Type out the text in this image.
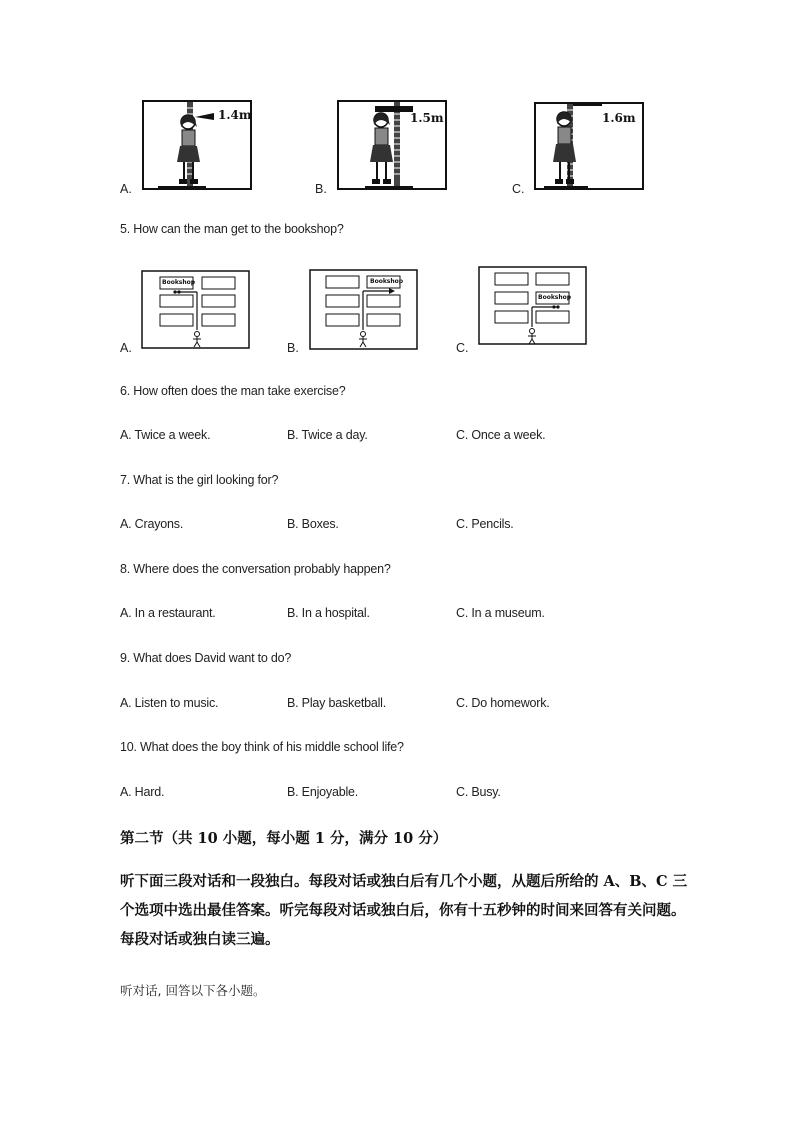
A.
1.4m
B.
1.5m
C.
1.6m
5. How can the man get to the bookshop?
A.
Bookshop
B.
Bookshop
C.
Bookshop
6. How often does the man take exercise?
A. Twice a week.	B. Twice a day.	C. Once a week.
7. What is the girl looking for?
A. Crayons.	B. Boxes.	C. Pencils.
8. Where does the conversation probably happen?
A. In a restaurant.	B. In a hospital.	C. In a museum.
9. What does David want to do?
A. Listen to music.	B. Play basketball.	C. Do homework.
10. What does the boy think of his middle school life?
A. Hard.	B. Enjoyable.	C. Busy.
第二节（共 10 小题，每小题 1 分，满分 10 分）
听下面三段对话和一段独白。每段对话或独白后有几个小题，从题后所给的 A、B、C 三个选项中选出最佳答案。听完每段对话或独白后，你有十五秒钟的时间来回答有关问题。每段对话或独白读三遍。
听对话, 回答以下各小题。
